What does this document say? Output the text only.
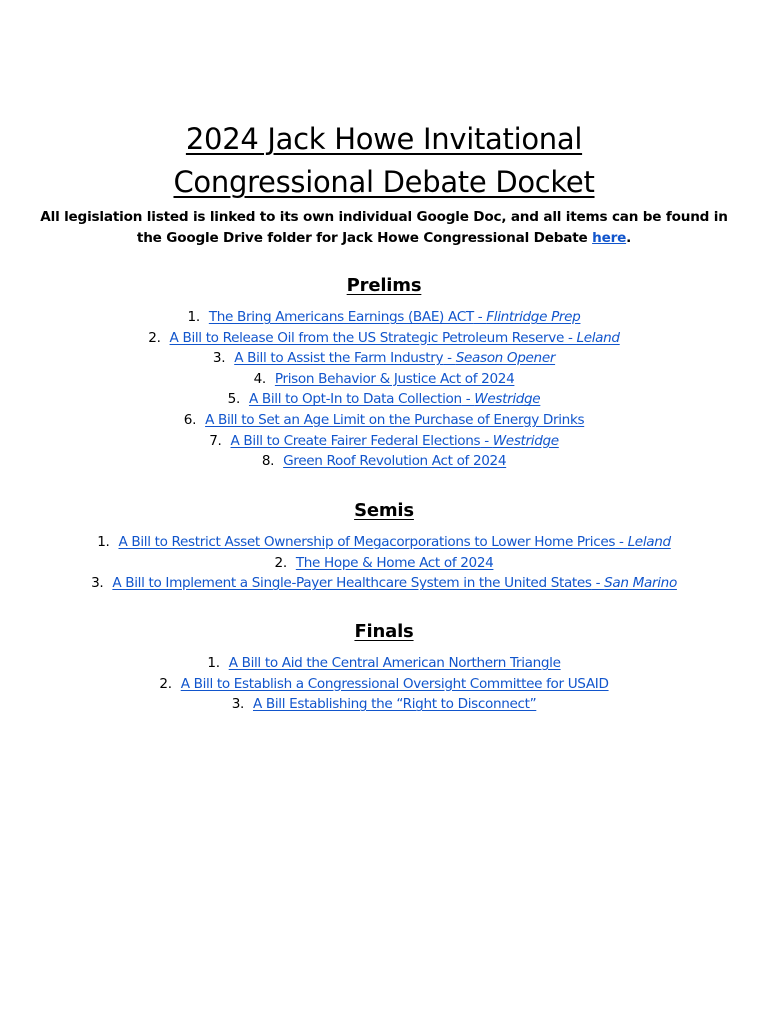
2024 Jack Howe Invitational
Congressional Debate Docket
All legislation listed is linked to its own individual Google Doc, and all items can be found in the Google Drive folder for Jack Howe Congressional Debate here.
Prelims
1. The Bring Americans Earnings (BAE) ACT - Flintridge Prep
2. A Bill to Release Oil from the US Strategic Petroleum Reserve - Leland
3. A Bill to Assist the Farm Industry - Season Opener
4. Prison Behavior & Justice Act of 2024
5. A Bill to Opt-In to Data Collection - Westridge
6. A Bill to Set an Age Limit on the Purchase of Energy Drinks
7. A Bill to Create Fairer Federal Elections - Westridge
8. Green Roof Revolution Act of 2024
Semis
1. A Bill to Restrict Asset Ownership of Megacorporations to Lower Home Prices - Leland
2. The Hope & Home Act of 2024
3. A Bill to Implement a Single-Payer Healthcare System in the United States - San Marino
Finals
1. A Bill to Aid the Central American Northern Triangle
2. A Bill to Establish a Congressional Oversight Committee for USAID
3. A Bill Establishing the “Right to Disconnect”
